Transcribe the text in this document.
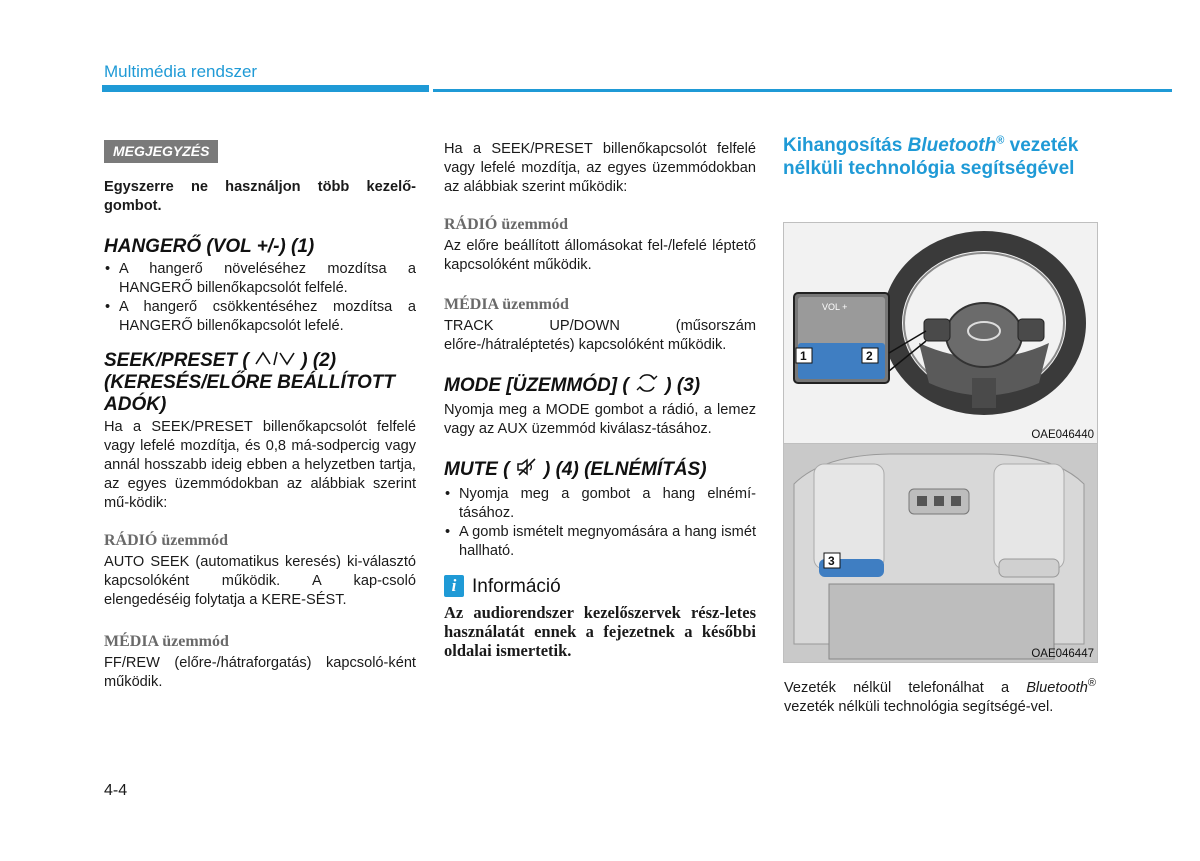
Multimédia rendszer
MEGJEGYZÉS

Egyszerre ne használjon több kezelő-gombot.

HANGERŐ (VOL +/-) (1)
• A hangerő növeléséhez mozdítsa a HANGERŐ billenőkapcsolót felfelé.
• A hangerő csökkentéséhez mozdítsa a HANGERŐ billenőkapcsolót lefelé.
SEEK/PRESET (	) (2) (KERESÉS/ELŐRE BEÁLLÍTOTT ADÓK)

Ha a SEEK/PRESET billenőkapcsolót felfelé vagy lefelé mozdítja, és 0,8 má-sodpercig vagy annál hosszabb ideig ebben a helyzetben tartja, az egyes üzemmódokban az alábbiak szerint mű-ködik:

RÁDIÓ üzemmód

AUTO SEEK (automatikus keresés) ki-választó kapcsolóként működik. A kap-csoló elengedéséig folytatja a KERE-SÉST.

MÉDIA üzemmód

FF/REW (előre-/hátraforgatás) kapcsoló-ként működik.

Ha a SEEK/PRESET billenőkapcsolót felfelé vagy lefelé mozdítja, az egyes üzemmódokban az alábbiak szerint működik:

RÁDIÓ üzemmód

Az előre beállított állomásokat fel-/lefelé léptető kapcsolóként működik.

MÉDIA üzemmód

TRACK UP/DOWN (műsorszám előre-/hátraléptetés) kapcsolóként működik.

MODE [ÜZEMMÓD] ( ) (3)

Nyomja meg a MODE gombot a rádió, a lemez vagy az AUX üzemmód kiválasz-tásához.

MUTE ( ) (4) (ELNÉMÍTÁS)
• Nyomja meg a gombot a hang elnémí-tásához.
• A gomb ismételt megnyomására a hang ismét hallható.
i Információ

Az audiorendszer kezelőszervek rész-letes használatát ennek a fejezetnek a későbbi oldalai ismertetik.

Kihangosítás Bluetooth® vezeték nélküli technológia segítségével

VOL +
1	2
OAE046440
3
OAE046447

Vezeték nélkül telefonálhat a Bluetooth® vezeték nélküli technológia segítségé-vel.

4-4
